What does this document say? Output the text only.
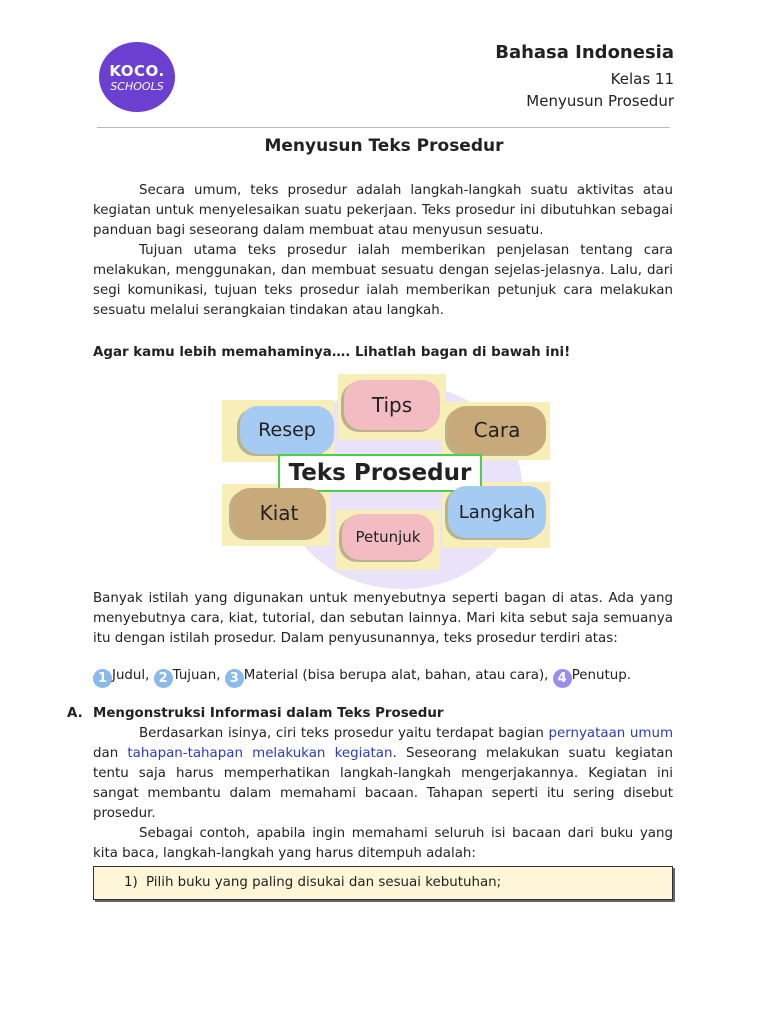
KOCO.
SCHOOLS
Bahasa Indonesia
Kelas 11
Menyusun Prosedur
Menyusun Teks Prosedur

Secara umum, teks prosedur adalah langkah-langkah suatu aktivitas atau kegiatan untuk menyelesaikan suatu pekerjaan. Teks prosedur ini dibutuhkan sebagai panduan bagi seseorang dalam membuat atau menyusun sesuatu.

Tujuan utama teks prosedur ialah memberikan penjelasan tentang cara melakukan, menggunakan, dan membuat sesuatu dengan sejelas-jelasnya. Lalu, dari segi komunikasi, tujuan teks prosedur ialah memberikan petunjuk cara melakukan sesuatu melalui serangkaian tindakan atau langkah.

Agar kamu lebih memahaminya…. Lihatlah bagan di bawah ini!

Tips
Resep	Cara
Teks Prosedur
Kiat
Petunjuk
Langkah

Banyak istilah yang digunakan untuk menyebutnya seperti bagan di atas. Ada yang menyebutnya cara, kiat, tutorial, dan sebutan lainnya. Mari kita sebut saja semuanya itu dengan istilah prosedur. Dalam penyusunannya, teks prosedur terdiri atas:

1 Judul, 2 Tujuan, 3 Material (bisa berupa alat, bahan, atau cara), 4 Penutup.
A. Mengonstruksi Informasi dalam Teks Prosedur

Berdasarkan isinya, ciri teks prosedur yaitu terdapat bagian pernyataan umum dan tahapan-tahapan melakukan kegiatan. Seseorang melakukan suatu kegiatan tentu saja harus memperhatikan langkah-langkah mengerjakannya. Kegiatan ini sangat membantu dalam memahami bacaan. Tahapan seperti itu sering disebut prosedur.

Sebagai contoh, apabila ingin memahami seluruh isi bacaan dari buku yang kita baca, langkah-langkah yang harus ditempuh adalah:

1) Pilih buku yang paling disukai dan sesuai kebutuhan;
